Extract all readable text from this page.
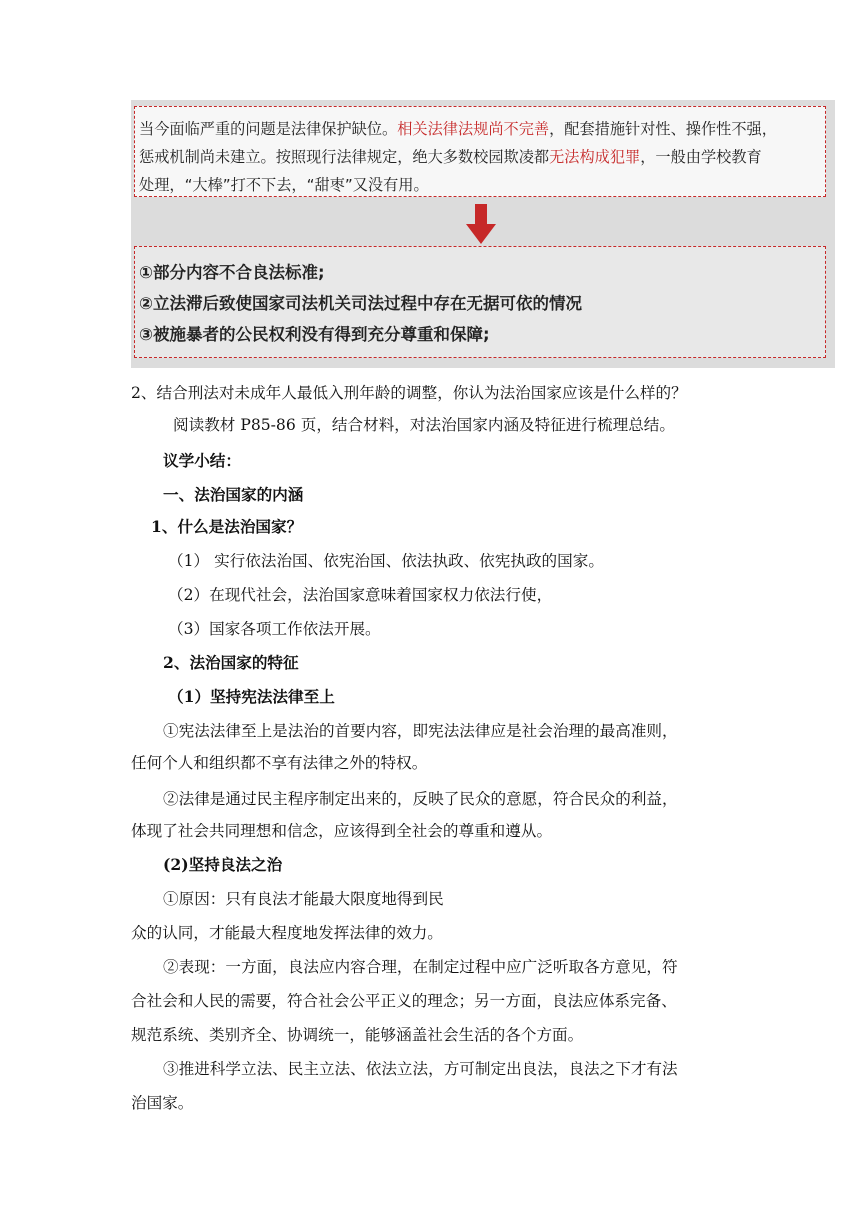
当今面临严重的问题是法律保护缺位。相关法律法规尚不完善，配套措施针对性、操作性不强，

惩戒机制尚未建立。按照现行法律规定，绝大多数校园欺凌都无法构成犯罪，一般由学校教育

处理，“大棒”打不下去，“甜枣”又没有用。

①部分内容不合良法标准;

②立法滞后致使国家司法机关司法过程中存在无据可依的情况

③被施暴者的公民权利没有得到充分尊重和保障;

2、结合刑法对未成年人最低入刑年龄的调整，你认为法治国家应该是什么样的？
阅读教材 P85-86 页，结合材料，对法治国家内涵及特征进行梳理总结。
议学小结：
一、法治国家的内涵
1、什么是法治国家？
（1） 实行依法治国、依宪治国、依法执政、依宪执政的国家。
（2）在现代社会，法治国家意味着国家权力依法行使，
（3）国家各项工作依法开展。
2、法治国家的特征
（1）坚持宪法法律至上
①宪法法律至上是法治的首要内容，即宪法法律应是社会治理的最高准则，
任何个人和组织都不享有法律之外的特权。
②法律是通过民主程序制定出来的，反映了民众的意愿，符合民众的利益，
体现了社会共同理想和信念，应该得到全社会的尊重和遵从。
(2)坚持良法之治
①原因：只有良法才能最大限度地得到民
众的认同，才能最大程度地发挥法律的效力。
②表现：一方面，良法应内容合理，在制定过程中应广泛听取各方意见，符
合社会和人民的需要，符合社会公平正义的理念；另一方面，良法应体系完备、
规范系统、类别齐全、协调统一，能够涵盖社会生活的各个方面。
③推进科学立法、民主立法、依法立法，方可制定出良法，良法之下才有法
治国家。
